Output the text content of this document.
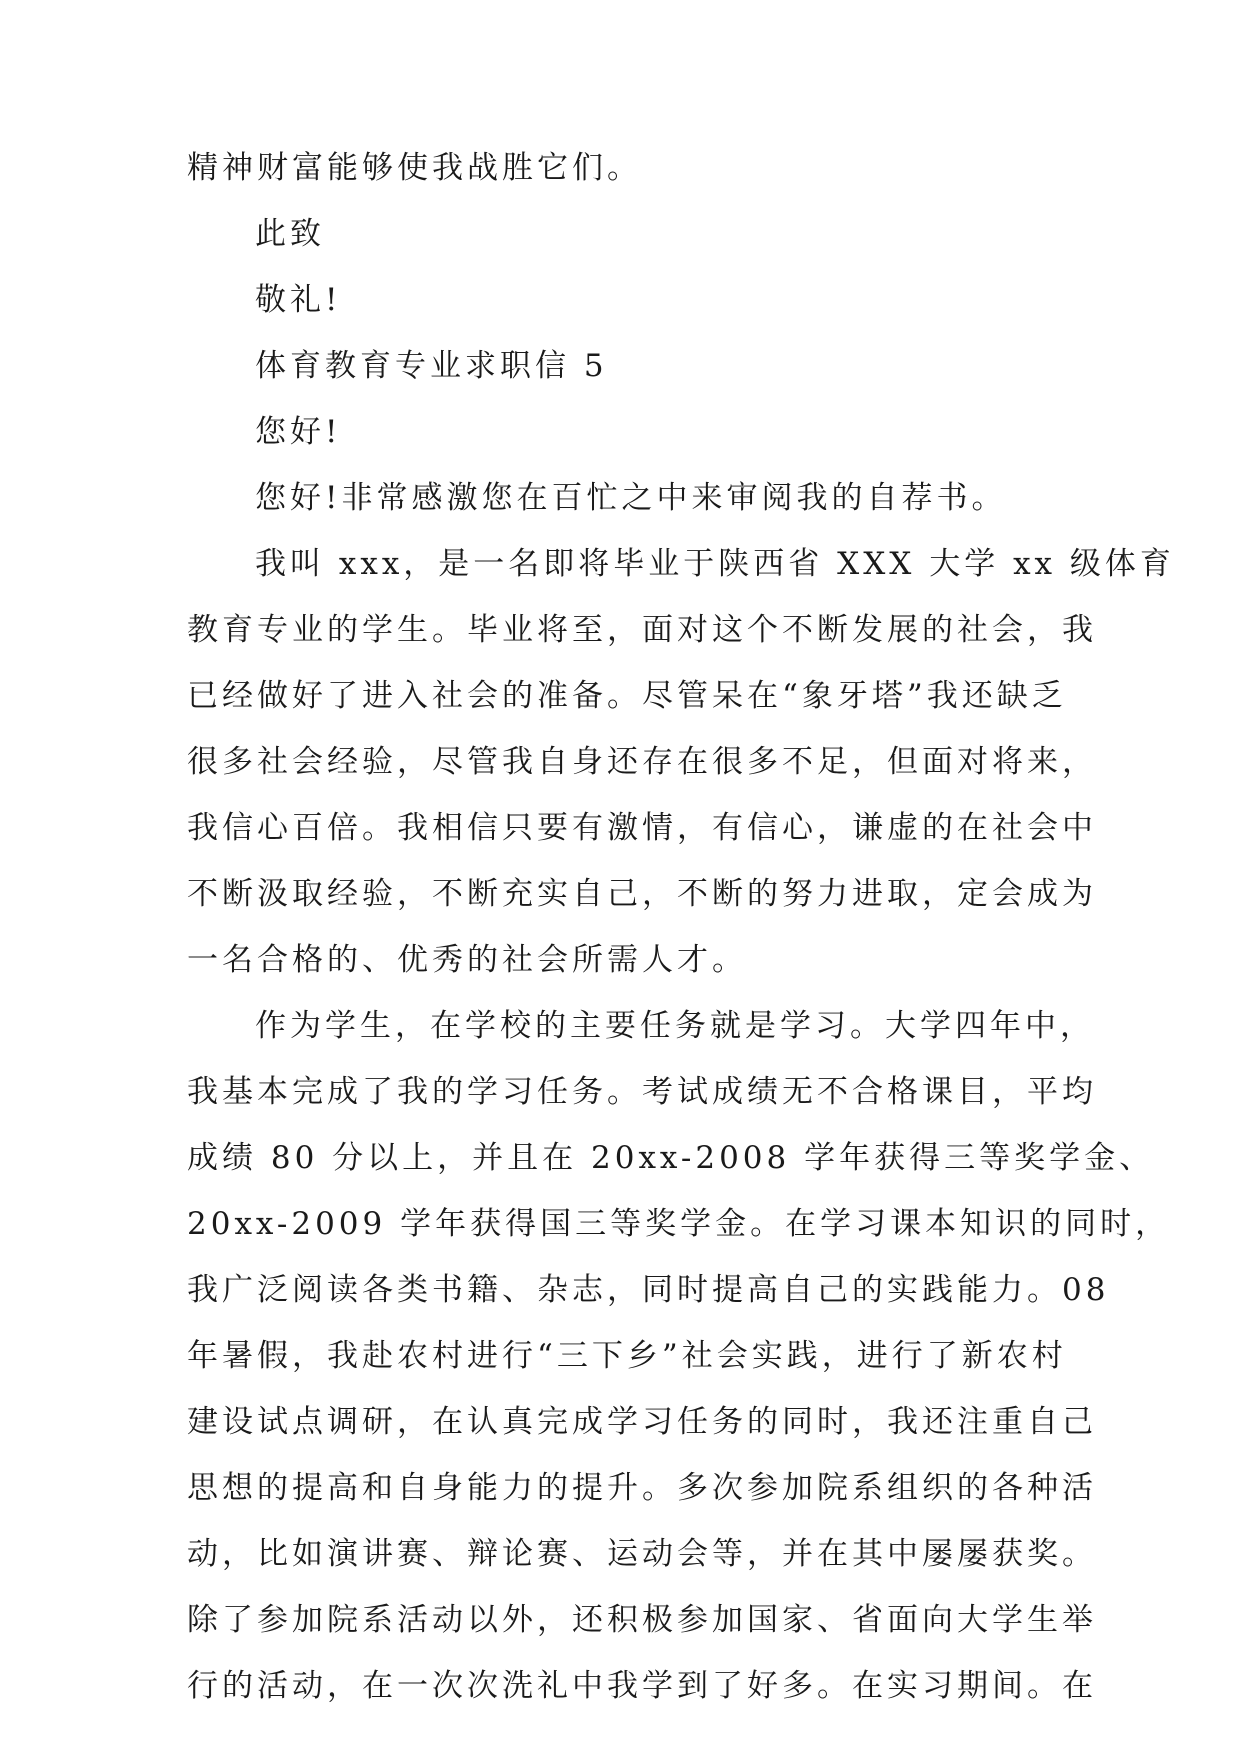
精神财富能够使我战胜它们。
此致
敬礼!
体育教育专业求职信 5
您好!
您好!非常感激您在百忙之中来审阅我的自荐书。
我叫 xxx，是一名即将毕业于陕西省 XXX 大学 xx 级体育
教育专业的学生。毕业将至，面对这个不断发展的社会，我
已经做好了进入社会的准备。尽管呆在“象牙塔”我还缺乏
很多社会经验，尽管我自身还存在很多不足，但面对将来，
我信心百倍。我相信只要有激情，有信心，谦虚的在社会中
不断汲取经验，不断充实自己，不断的努力进取，定会成为
一名合格的、优秀的社会所需人才。
作为学生，在学校的主要任务就是学习。大学四年中，
我基本完成了我的学习任务。考试成绩无不合格课目，平均
成绩 80 分以上，并且在 20xx-2008 学年获得三等奖学金、
20xx-2009 学年获得国三等奖学金。在学习课本知识的同时，
我广泛阅读各类书籍、杂志，同时提高自己的实践能力。08
年暑假，我赴农村进行“三下乡”社会实践，进行了新农村
建设试点调研，在认真完成学习任务的同时，我还注重自己
思想的提高和自身能力的提升。多次参加院系组织的各种活
动，比如演讲赛、辩论赛、运动会等，并在其中屡屡获奖。
除了参加院系活动以外，还积极参加国家、省面向大学生举
行的活动，在一次次洗礼中我学到了好多。在实习期间。在
